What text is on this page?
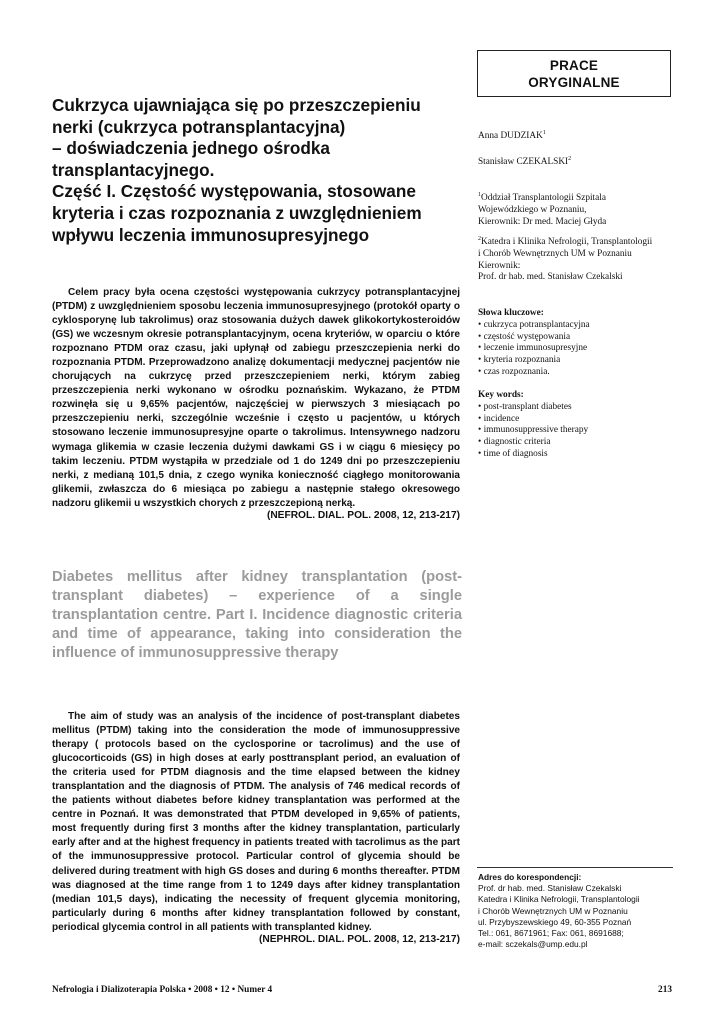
PRACE
ORYGINALNE
Cukrzyca ujawniająca się po przeszczepieniu
nerki (cukrzyca potransplantacyjna)
– doświadczenia jednego ośrodka
transplantacyjnego.
Część I. Częstość występowania, stosowane
kryteria i czas rozpoznania z uwzględnieniem
wpływu leczenia immunosupresyjnego

Celem pracy była ocena częstości występowania cukrzycy potransplantacyjnej (PTDM) z uwzględnieniem sposobu leczenia immunosupresyjnego (protokół oparty o cyklosporynę lub takrolimus) oraz stosowania dużych dawek glikokortykosteroidów (GS) we wczesnym okresie potransplantacyjnym, ocena kryteriów, w oparciu o które rozpoznano PTDM oraz czasu, jaki upłynął od zabiegu przeszczepienia nerki do rozpoznania PTDM. Przeprowadzono analizę dokumentacji medycznej pacjentów nie chorujących na cukrzycę przed przeszczepieniem nerki, którym zabieg przeszczepienia nerki wykonano w ośrodku poznańskim. Wykazano, że PTDM rozwinęła się u 9,65% pacjentów, najczęściej w pierwszych 3 miesiącach po przeszczepieniu nerki, szczególnie wcześnie i często u pacjentów, u których stosowano leczenie immunosupresyjne oparte o takrolimus. Intensywnego nadzoru wymaga glikemia w czasie leczenia dużymi dawkami GS i w ciągu 6 miesięcy po takim leczeniu. PTDM wystąpiła w przedziale od 1 do 1249 dni po przeszczepieniu nerki, z medianą 101,5 dnia, z czego wynika konieczność ciągłego monitorowania glikemii, zwłaszcza do 6 miesiąca po zabiegu a następnie stałego okresowego nadzoru glikemii u wszystkich chorych z przeszczepioną nerką.

(NEFROL. DIAL. POL. 2008, 12, 213-217)
Diabetes mellitus after kidney transplantation (post-transplant diabetes) – experience of a single transplantation centre. Part I. Incidence diagnostic criteria and time of appearance, taking into consideration the influence of immunosuppressive therapy

The aim of study was an analysis of the incidence of post-transplant diabetes mellitus (PTDM) taking into the consideration the mode of immunosuppressive therapy ( protocols based on the cyclosporine or tacrolimus) and the use of glucocorticoids (GS) in high doses at early posttransplant period, an evaluation of the criteria used for PTDM diagnosis and the time elapsed between the kidney transplantation and the diagnosis of PTDM. The analysis of 746 medical records of the patients without diabetes before kidney transplantation was performed at the centre in Poznań. It was demonstrated that PTDM developed in 9,65% of patients, most frequently during first 3 months after the kidney transplantation, particularly early after and at the highest frequency in patients treated with tacrolimus as the part of the immunosuppressive protocol. Particular control of glycemia should be delivered during treatment with high GS doses and during 6 months thereafter. PTDM was diagnosed at the time range from 1 to 1249 days after kidney transplantation (median 101,5 days), indicating the necessity of frequent glycemia monitoring, particularly during 6 months after kidney transplantation followed by constant, periodical glycemia control in all patients with transplanted kidney.

(NEPHROL. DIAL. POL. 2008, 12, 213-217)
Anna DUDZIAK$^1$
Stanisław CZEKALSKI$^2$

$^1$Oddział Transplantologii Szpitala

Wojewódzkiego w Poznaniu,

Kierownik: Dr med. Maciej Głyda

$^2$Katedra i Klinika Nefrologii, Transplantologii

i Chorób Wewnętrznych UM w Poznaniu

Kierownik:

Prof. dr hab. med. Stanisław Czekalski

Słowa kluczowe:

• cukrzyca potransplantacyjna
• częstość występowania
• leczenie immunosupresyjne
• kryteria rozpoznania
• czas rozpoznania.

Key words:

• post-transplant diabetes
• incidence
• immunosuppressive therapy
• diagnostic criteria
• time of diagnosis

Adres do korespondencji:

Prof. dr hab. med. Stanisław Czekalski

Katedra i Klinika Nefrologii, Transplantologii

i Chorób Wewnętrznych UM w Poznaniu

ul. Przybyszewskiego 49, 60-355 Poznań

Tel.: 061, 8671961; Fax: 061, 8691688;

e-mail: sczekals@ump.edu.pl

Nefrologia i Dializoterapia Polska • 2008 • 12 • Numer 4	213
